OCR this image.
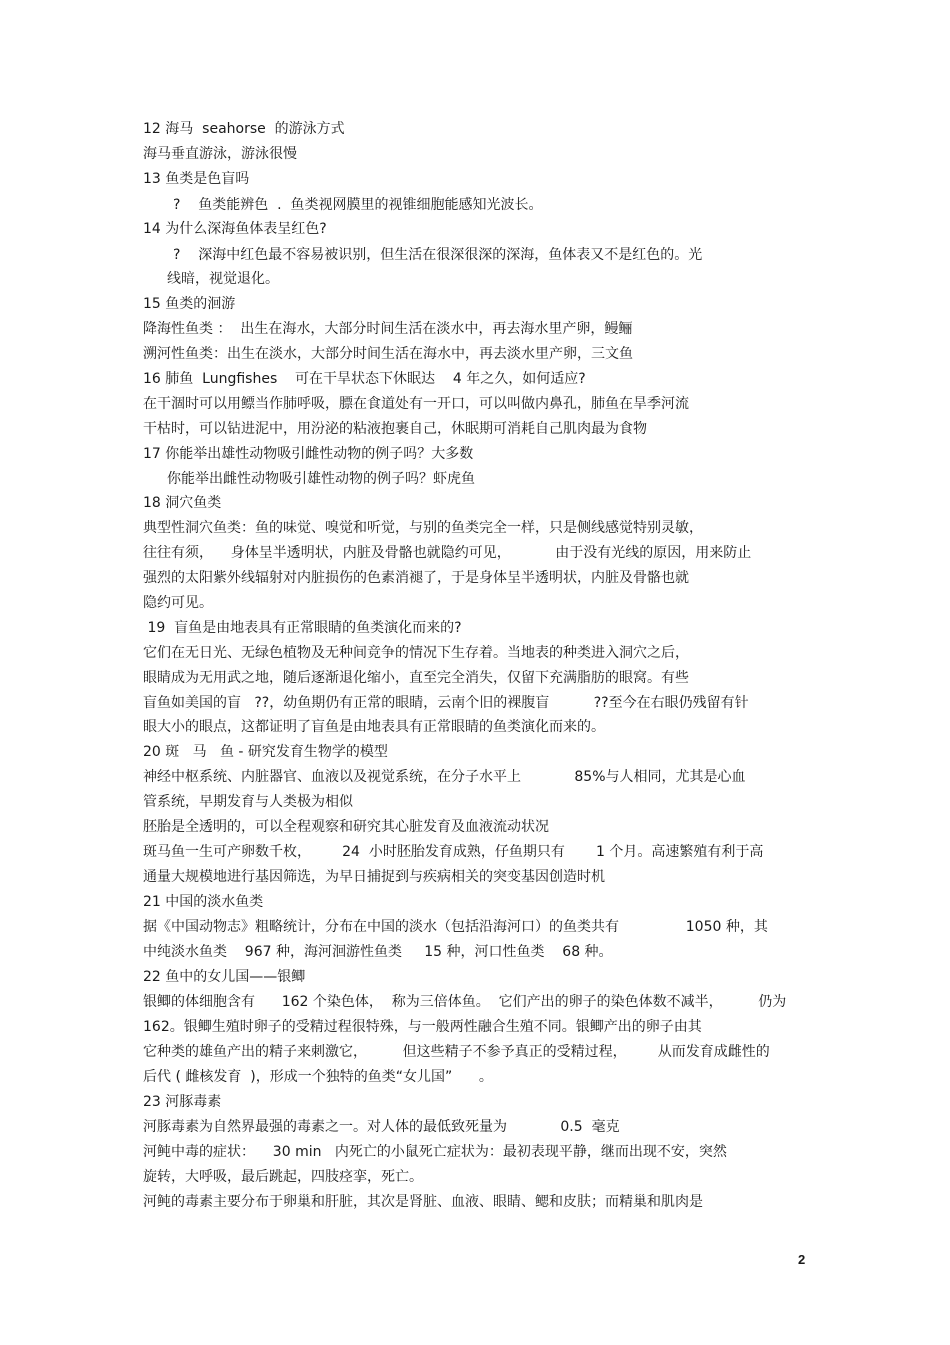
12 海马  seahorse  的游泳方式
海马垂直游泳，游泳很慢
13 鱼类是色盲吗
?    鱼类能辨色  .  鱼类视网膜里的视锥细胞能感知光波长。
14 为什么深海鱼体表呈红色?
?    深海中红色最不容易被识别，但生活在很深很深的深海，鱼体表又不是红色的。光
线暗，视觉退化。
15 鱼类的洄游
降海性鱼类 ：  出生在海水，大部分时间生活在淡水中，再去海水里产卵，鳗鲡
溯河性鱼类：出生在淡水，大部分时间生活在海水中，再去淡水里产卵，三文鱼
16 肺鱼  Lungfishes    可在干旱状态下休眠达    4 年之久，如何适应?
在干涸时可以用鳔当作肺呼吸，膘在食道处有一开口，可以叫做内鼻孔，肺鱼在旱季河流
干枯时，可以钻进泥中，用汾泌的粘液抱裹自己，休眠期可消耗自己肌肉最为食物
17 你能举出雄性动物吸引雌性动物的例子吗？大多数
你能举出雌性动物吸引雄性动物的例子吗？虾虎鱼
18 洞穴鱼类
典型性洞穴鱼类：鱼的味觉、嗅觉和听觉，与别的鱼类完全一样，只是侧线感觉特别灵敏，
往往有须，    身体呈半透明状，内脏及骨骼也就隐约可见，          由于没有光线的原因，用来防止
强烈的太阳紫外线辐射对内脏损伤的色素消褪了，于是身体呈半透明状，内脏及骨骼也就
隐约可见。
19  盲鱼是由地表具有正常眼睛的鱼类演化而来的?
它们在无日光、无绿色植物及无种间竞争的情况下生存着。当地表的种类进入洞穴之后，
眼睛成为无用武之地，随后逐渐退化缩小，直至完全消失，仅留下充满脂肪的眼窝。有些
盲鱼如美国的盲   ??，幼鱼期仍有正常的眼睛，云南个旧的裸腹盲          ??至今在右眼仍残留有针
眼大小的眼点，这都证明了盲鱼是由地表具有正常眼睛的鱼类演化而来的。
20 斑   马   鱼 - 研究发育生物学的模型
神经中枢系统、内脏器官、血液以及视觉系统，在分子水平上            85%与人相同，尤其是心血
管系统，早期发育与人类极为相似
胚胎是全透明的，可以全程观察和研究其心脏发育及血液流动状况
斑马鱼一生可产卵数千枚，       24  小时胚胎发育成熟，仔鱼期只有       1 个月。高速繁殖有利于高
通量大规模地进行基因筛选，为早日捕捉到与疾病相关的突变基因创造时机
21 中国的淡水鱼类
据《中国动物志》粗略统计，分布在中国的淡水（包括沿海河口）的鱼类共有               1050 种，其
中纯淡水鱼类    967 种，海河洄游性鱼类     15 种，河口性鱼类    68 种。
22 鱼中的女儿国——银鲫
银鲫的体细胞含有      162 个染色体，  称为三倍体鱼。  它们产出的卵子的染色体数不减半，        仍为
162。银鲫生殖时卵子的受精过程很特殊，与一般两性融合生殖不同。银鲫产出的卵子由其
它种类的雄鱼产出的精子来刺激它，        但这些精子不参予真正的受精过程，       从而发育成雌性的
后代 ( 雌核发育  )，形成一个独特的鱼类“女儿国”      。
23 河豚毒素
河豚毒素为自然界最强的毒素之一。对人体的最低致死量为            0.5  毫克
河鲀中毒的症状：    30 min   内死亡的小鼠死亡症状为：最初表现平静，继而出现不安，突然
旋转，大呼吸，最后跳起，四肢痉挛，死亡。
河鲀的毒素主要分布于卵巢和肝脏，其次是肾脏、血液、眼睛、鳃和皮肤；而精巢和肌肉是
2
